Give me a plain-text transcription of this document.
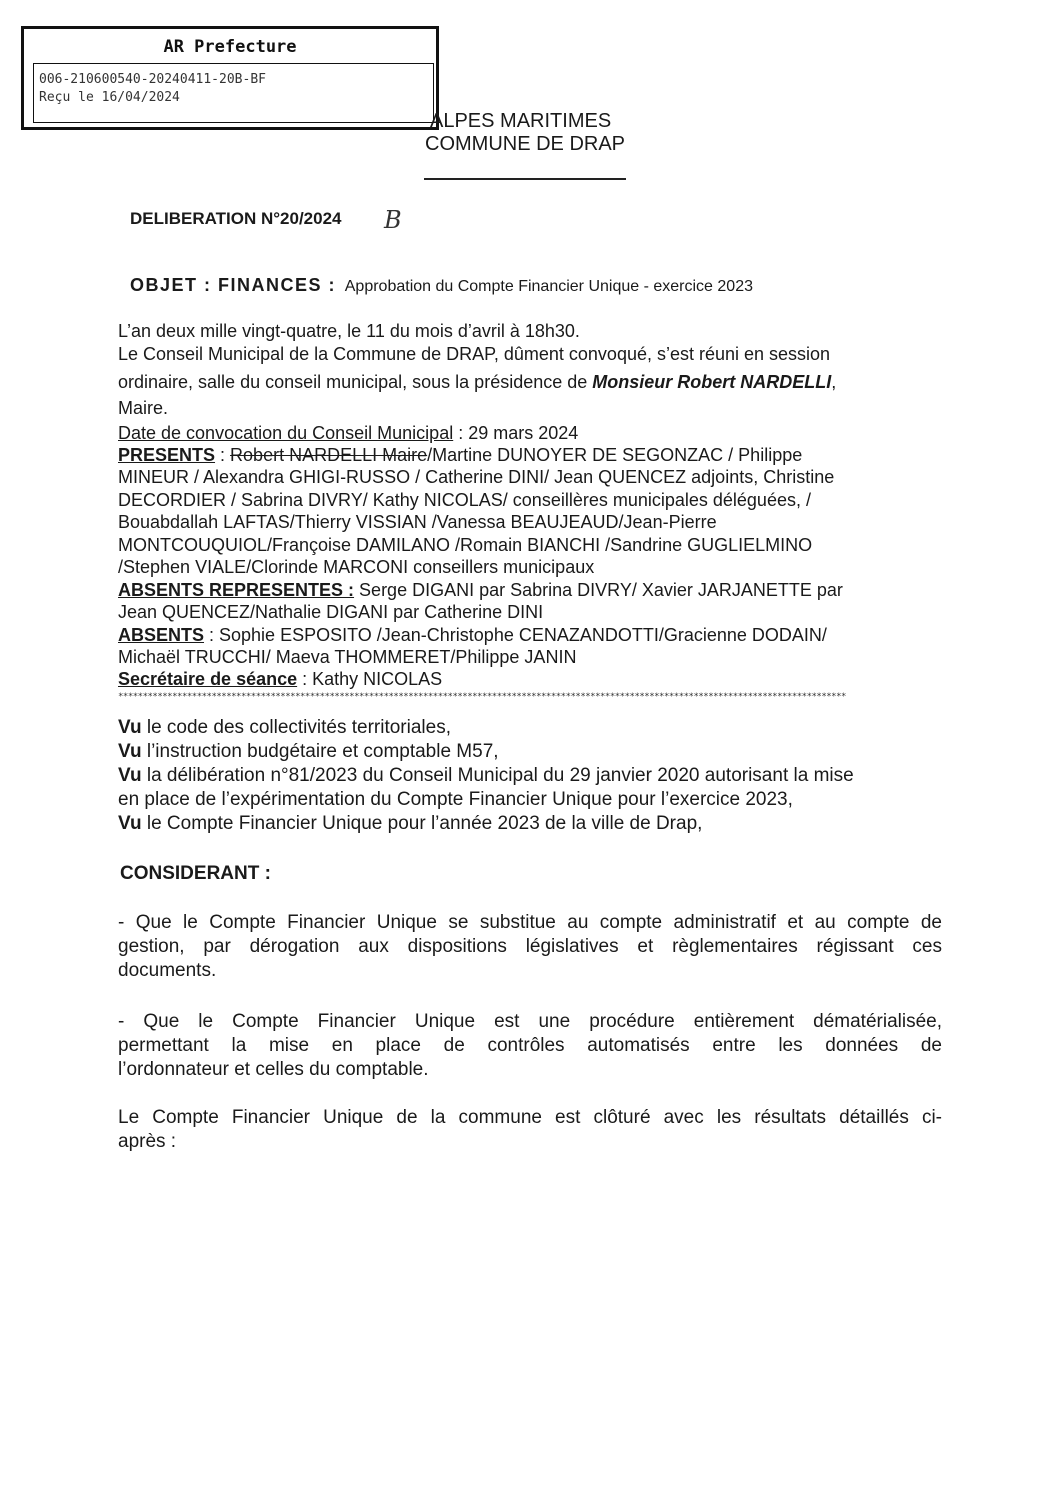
AR Prefecture
006-210600540-20240411-20B-BF
Reçu le 16/04/2024
ALPES MARITIMES
COMMUNE DE DRAP
DELIBERATION N°20/2024 B
OBJET : FINANCES : Approbation du Compte Financier Unique - exercice 2023
L’an deux mille vingt-quatre, le 11 du mois d’avril à 18h30.
Le Conseil Municipal de la Commune de DRAP, dûment convoqué, s’est réuni en session
ordinaire, salle du conseil municipal, sous la présidence de Monsieur Robert NARDELLI,
Maire.
Date de convocation du Conseil Municipal : 29 mars 2024
PRESENTS : Robert NARDELLI Maire/Martine DUNOYER DE SEGONZAC / Philippe
MINEUR / Alexandra GHIGI-RUSSO / Catherine DINI/ Jean QUENCEZ adjoints, Christine
DECORDIER / Sabrina DIVRY/ Kathy NICOLAS/ conseillères municipales déléguées, /
Bouabdallah LAFTAS/Thierry VISSIAN /Vanessa BEAUJEAUD/Jean-Pierre
MONTCOUQUIOL/Françoise DAMILANO /Romain BIANCHI /Sandrine GUGLIELMINO
/Stephen VIALE/Clorinde MARCONI conseillers municipaux
ABSENTS REPRESENTES : Serge DIGANI par Sabrina DIVRY/ Xavier JARJANETTE par
Jean QUENCEZ/Nathalie DIGANI par Catherine DINI
ABSENTS : Sophie ESPOSITO /Jean-Christophe CENAZANDOTTI/Gracienne DODAIN/
Michaël TRUCCHI/ Maeva THOMMERET/Philippe JANIN
Secrétaire de séance : Kathy NICOLAS
****************************************************************************************************************************************************
Vu le code des collectivités territoriales,
Vu l’instruction budgétaire et comptable M57,
Vu la délibération n°81/2023 du Conseil Municipal du 29 janvier 2020 autorisant la mise
en place de l’expérimentation du Compte Financier Unique pour l’exercice 2023,
Vu le Compte Financier Unique pour l’année 2023 de la ville de Drap,
CONSIDERANT :
- Que le Compte Financier Unique se substitue au compte administratif et au compte de
gestion, par dérogation aux dispositions législatives et règlementaires régissant ces
documents.
- Que le Compte Financier Unique est une procédure entièrement dématérialisée,
permettant la mise en place de contrôles automatisés entre les données de
l’ordonnateur et celles du comptable.
Le Compte Financier Unique de la commune est clôturé avec les résultats détaillés ci-
après :
